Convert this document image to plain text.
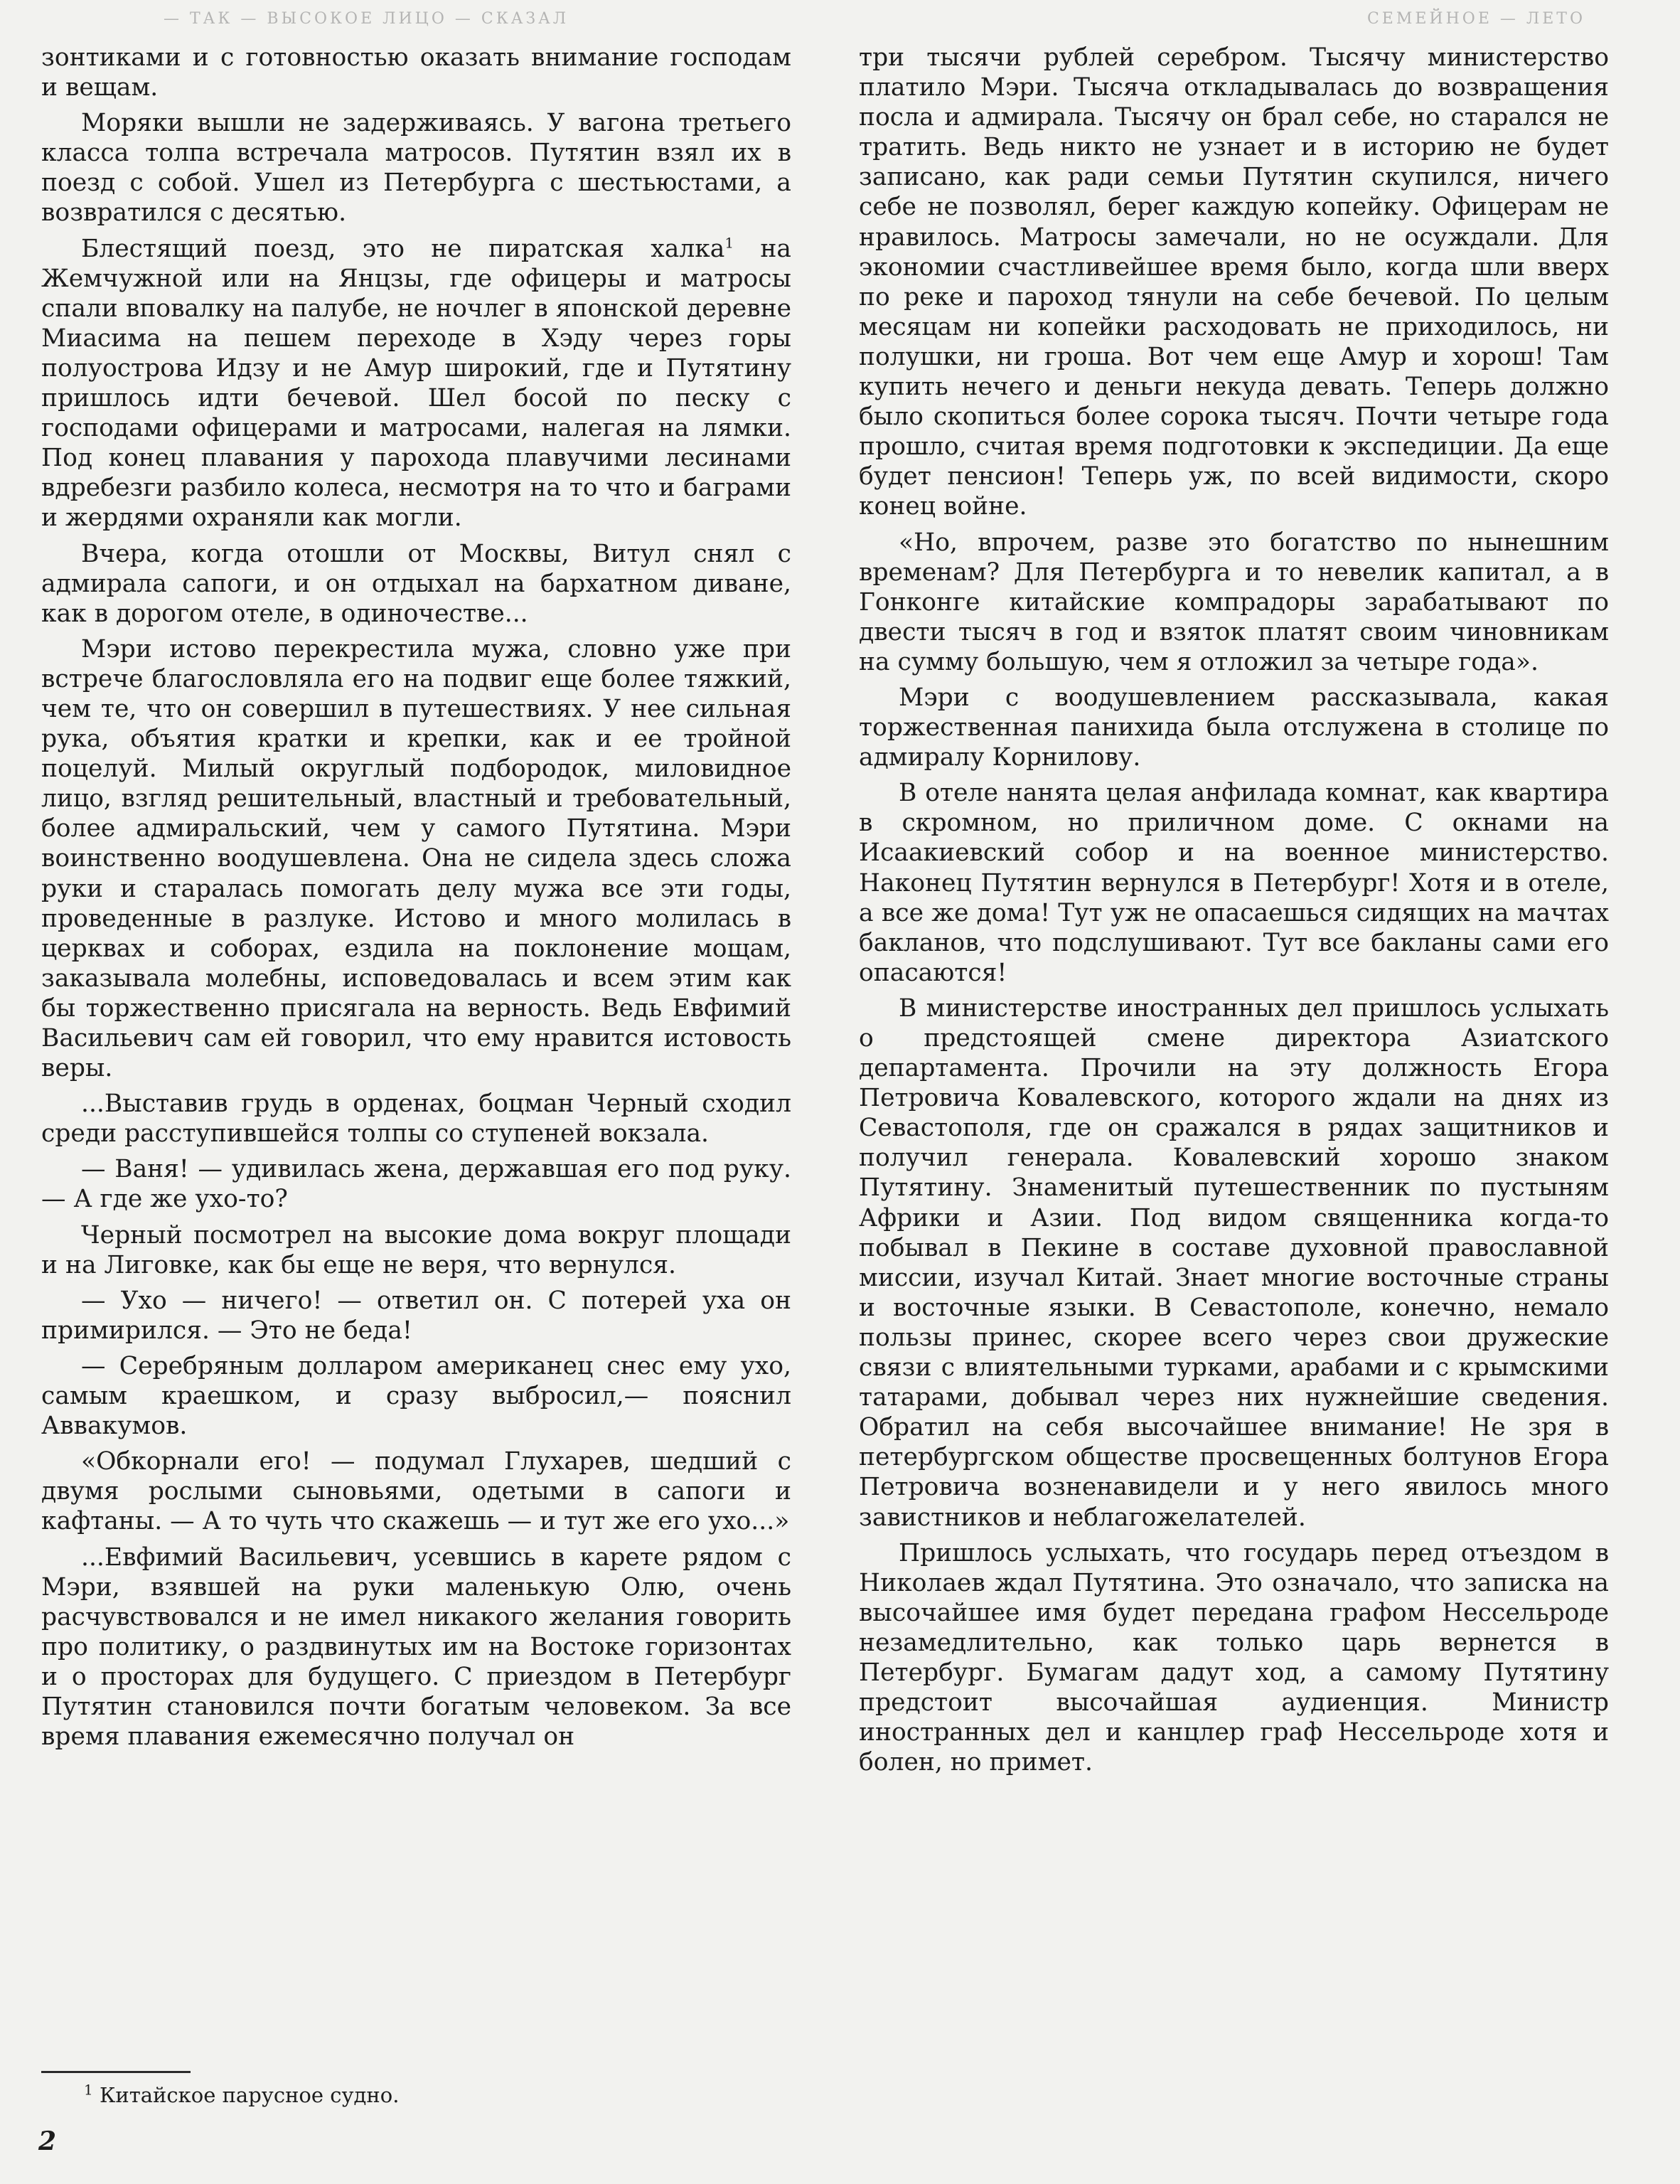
— ТАК — ВЫСОКОЕ ЛИЦО — СКАЗАЛ	СЕМЕЙНОЕ — ЛЕТО

зонтиками и с готовностью оказать внимание господам и вещам.

Моряки вышли не задерживаясь. У вагона третьего класса толпа встречала матросов. Путятин взял их в поезд с собой. Ушел из Петербурга с шестьюстами, а возвратился с десятью.

Блестящий поезд, это не пиратская халка$^1$ на Жемчужной или на Янцзы, где офицеры и матросы спали вповалку на палубе, не ночлег в японской деревне Миасима на пешем переходе в Хэду через горы полуострова Идзу и не Амур широкий, где и Путятину пришлось идти бечевой. Шел босой по песку с господами офицерами и матросами, налегая на лямки. Под конец плавания у парохода плавучими лесинами вдребезги разбило колеса, несмотря на то что и баграми и жердями охраняли как могли.

Вчера, когда отошли от Москвы, Витул снял с адмирала сапоги, и он отдыхал на бархатном диване, как в дорогом отеле, в одиночестве...

Мэри истово перекрестила мужа, словно уже при встрече благословляла его на подвиг еще более тяжкий, чем те, что он совершил в путешествиях. У нее сильная рука, объятия кратки и крепки, как и ее тройной поцелуй. Милый округлый подбородок, миловидное лицо, взгляд решительный, властный и требовательный, более адмиральский, чем у самого Путятина. Мэри воинственно воодушевлена. Она не сидела здесь сложа руки и старалась помогать делу мужа все эти годы, проведенные в разлуке. Истово и много молилась в церквах и соборах, ездила на поклонение мощам, заказывала молебны, исповедовалась и всем этим как бы торжественно присягала на верность. Ведь Евфимий Васильевич сам ей говорил, что ему нравится истовость веры.

...Выставив грудь в орденах, боцман Черный сходил среди расступившейся толпы со ступеней вокзала.

— Ваня! — удивилась жена, державшая его под руку. — А где же ухо-то?

Черный посмотрел на высокие дома вокруг площади и на Лиговке, как бы еще не веря, что вернулся.

— Ухо — ничего! — ответил он. С потерей уха он примирился. — Это не беда!

— Серебряным долларом американец снес ему ухо, самым краешком, и сразу выбросил,— пояснил Аввакумов.

«Обкорнали его! — подумал Глухарев, шедший с двумя рослыми сыновьями, одетыми в сапоги и кафтаны. — А то чуть что скажешь — и тут же его ухо...»

...Евфимий Васильевич, усевшись в карете рядом с Мэри, взявшей на руки маленькую Олю, очень расчувствовался и не имел никакого желания говорить про политику, о раздвинутых им на Востоке горизонтах и о просторах для будущего. С приездом в Петербург Путятин становился почти богатым человеком. За все время плавания ежемесячно получал он

три тысячи рублей серебром. Тысячу министерство платило Мэри. Тысяча откладывалась до возвращения посла и адмирала. Тысячу он брал себе, но старался не тратить. Ведь никто не узнает и в историю не будет записано, как ради семьи Путятин скупился, ничего себе не позволял, берег каждую копейку. Офицерам не нравилось. Матросы замечали, но не осуждали. Для экономии счастливейшее время было, когда шли вверх по реке и пароход тянули на себе бечевой. По целым месяцам ни копейки расходовать не приходилось, ни полушки, ни гроша. Вот чем еще Амур и хорош! Там купить нечего и деньги некуда девать. Теперь должно было скопиться более сорока тысяч. Почти четыре года прошло, считая время подготовки к экспедиции. Да еще будет пенсион! Теперь уж, по всей видимости, скоро конец войне.

«Но, впрочем, разве это богатство по нынешним временам? Для Петербурга и то невелик капитал, а в Гонконге китайские компрадоры зарабатывают по двести тысяч в год и взяток платят своим чиновникам на сумму большую, чем я отложил за четыре года».

Мэри с воодушевлением рассказывала, какая торжественная панихида была отслужена в столице по адмиралу Корнилову.

В отеле нанята целая анфилада комнат, как квартира в скромном, но приличном доме. С окнами на Исаакиевский собор и на военное министерство. Наконец Путятин вернулся в Петербург! Хотя и в отеле, а все же дома! Тут уж не опасаешься сидящих на мачтах бакланов, что подслушивают. Тут все бакланы сами его опасаются!

В министерстве иностранных дел пришлось услыхать о предстоящей смене директора Азиатского департамента. Прочили на эту должность Егора Петровича Ковалевского, которого ждали на днях из Севастополя, где он сражался в рядах защитников и получил генерала. Ковалевский хорошо знаком Путятину. Знаменитый путешественник по пустыням Африки и Азии. Под видом священника когда-то побывал в Пекине в составе духовной православной миссии, изучал Китай. Знает многие восточные страны и восточные языки. В Севастополе, конечно, немало пользы принес, скорее всего через свои дружеские связи с влиятельными турками, арабами и с крымскими татарами, добывал через них нужнейшие сведения. Обратил на себя высочайшее внимание! Не зря в петербургском обществе просвещенных болтунов Егора Петровича возненавидели и у него явилось много завистников и неблагожелателей.

Пришлось услыхать, что государь перед отъездом в Николаев ждал Путятина. Это означало, что записка на высочайшее имя будет передана графом Нессельроде незамедлительно, как только царь вернется в Петербург. Бумагам дадут ход, а самому Путятину предстоит высочайшая аудиенция. Министр иностранных дел и канцлер граф Нессельроде хотя и болен, но примет.

$^1$ Китайское парусное судно.
2
